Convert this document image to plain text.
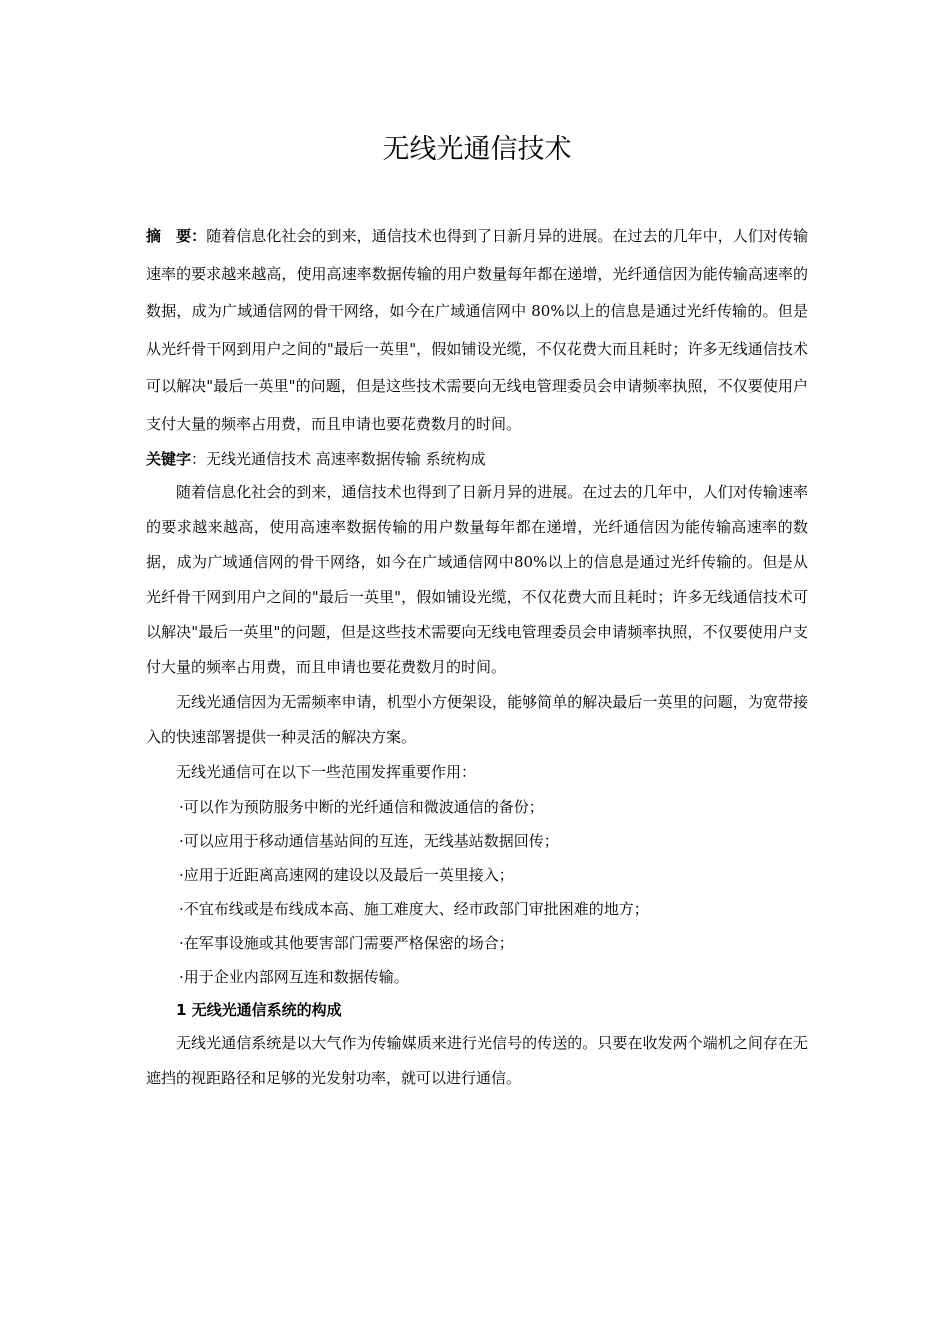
无线光通信技术

摘　要：随着信息化社会的到来，通信技术也得到了日新月异的进展。在过去的几年中，人们对传输速率的要求越来越高，使用高速率数据传输的用户数量每年都在递增，光纤通信因为能传输高速率的数据，成为广域通信网的骨干网络，如今在广域通信网中 80%以上的信息是通过光纤传输的。但是从光纤骨干网到用户之间的"最后一英里"，假如铺设光缆，不仅花费大而且耗时；许多无线通信技术可以解决"最后一英里"的问题，但是这些技术需要向无线电管理委员会申请频率执照，不仅要使用户支付大量的频率占用费，而且申请也要花费数月的时间。

关键字：无线光通信技术 高速率数据传输 系统构成

随着信息化社会的到来，通信技术也得到了日新月异的进展。在过去的几年中，人们对传输速率的要求越来越高，使用高速率数据传输的用户数量每年都在递增，光纤通信因为能传输高速率的数据，成为广域通信网的骨干网络，如今在广域通信网中80%以上的信息是通过光纤传输的。但是从光纤骨干网到用户之间的"最后一英里"，假如铺设光缆，不仅花费大而且耗时；许多无线通信技术可以解决"最后一英里"的问题，但是这些技术需要向无线电管理委员会申请频率执照，不仅要使用户支付大量的频率占用费，而且申请也要花费数月的时间。

无线光通信因为无需频率申请，机型小方便架设，能够简单的解决最后一英里的问题，为宽带接入的快速部署提供一种灵活的解决方案。

无线光通信可在以下一些范围发挥重要作用：

·可以作为预防服务中断的光纤通信和微波通信的备份；
·可以应用于移动通信基站间的互连，无线基站数据回传；
·应用于近距离高速网的建设以及最后一英里接入；
·不宜布线或是布线成本高、施工难度大、经市政部门审批困难的地方；
·在军事设施或其他要害部门需要严格保密的场合；
·用于企业内部网互连和数据传输。
1 无线光通信系统的构成

无线光通信系统是以大气作为传输媒质来进行光信号的传送的。只要在收发两个端机之间存在无遮挡的视距路径和足够的光发射功率，就可以进行通信。
